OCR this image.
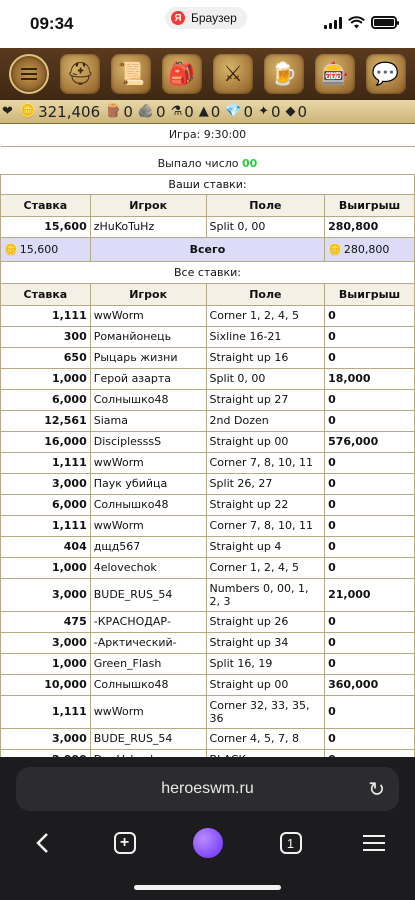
09:34	Я Браузер
⛑ 📜 🎒 ⚔ 🍺 🎰 💬
❤ 🪙 321,406 🪵 0 🪨 0 ⚗ 0 ▲ 0 💎 0 ✦ 0 ◆ 0
Игра: 9:30:00			

Выпало число 00			
Ваши ставки:			
Ставка	Игрок	Поле	Выигрыш
15,600	zHuKoTuHz	Split 0, 00	280,800
🪙 15,600	Всего		🪙 280,800
Все ставки:			
Ставка	Игрок	Поле	Выигрыш
1,111	wwWorm	Corner 1, 2, 4, 5	0
300	Романйонець	Sixline 16-21	0
650	Рыцарь жизни	Straight up 16	0
1,000	Герой азарта	Split 0, 00	18,000
6,000	Солнышко48	Straight up 27	0
12,561	Siama	2nd Dozen	0
16,000	DisciplesssS	Straight up 00	576,000
1,111	wwWorm	Corner 7, 8, 10, 11	0
3,000	Паук убийца	Split 26, 27	0
6,000	Солнышко48	Straight up 22	0
1,111	wwWorm	Corner 7, 8, 10, 11	0
404	дщд567	Straight up 4	0
1,000	4elovechok	Corner 1, 2, 4, 5	0
3,000	BUDE_RUS_54	Numbers 0, 00, 1, 2, 3	21,000
475	-КРАСНОДАР-	Straight up 26	0
3,000	-Арктический-	Straight up 34	0
1,000	Green_Flash	Split 16, 19	0
10,000	Солнышко48	Straight up 00	360,000
1,111	wwWorm	Corner 32, 33, 35, 36	0
3,000	BUDE_RUS_54	Corner 4, 5, 7, 8	0

heroeswm.ru	↻
+	1
